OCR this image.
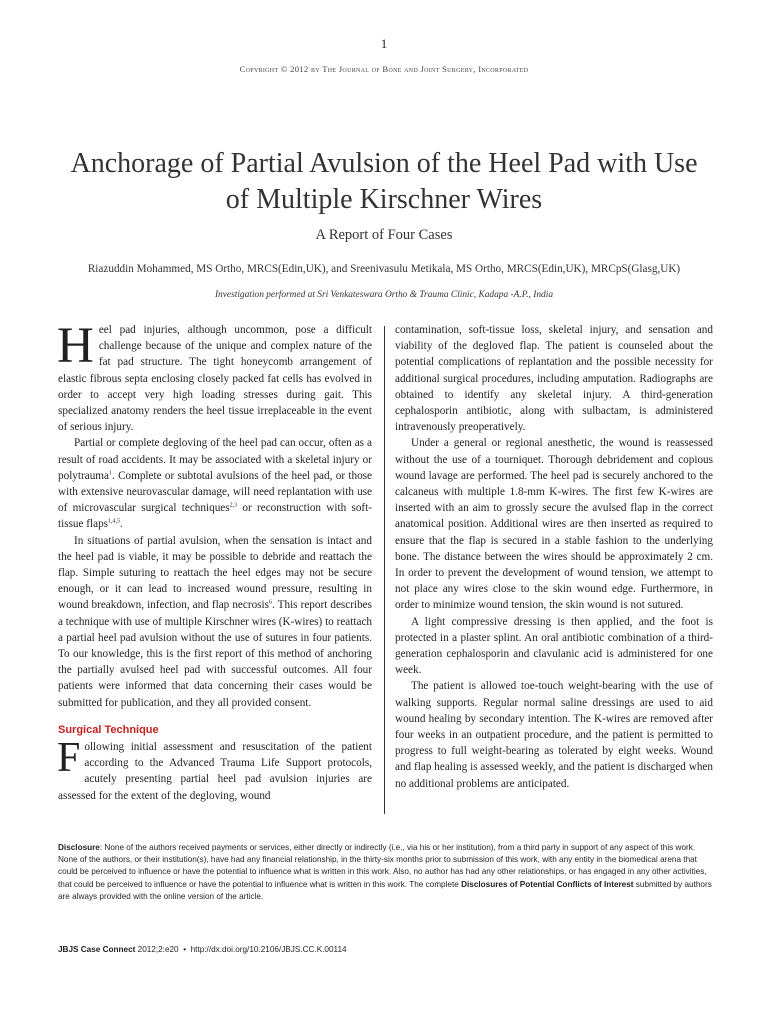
1
Copyright © 2012 by The Journal of Bone and Joint Surgery, Incorporated
Anchorage of Partial Avulsion of the Heel Pad with Use of Multiple Kirschner Wires
A Report of Four Cases
Riazuddin Mohammed, MS Ortho, MRCS(Edin,UK), and Sreenivasulu Metikala, MS Ortho, MRCS(Edin,UK), MRCpS(Glasg,UK)
Investigation performed at Sri Venkateswara Ortho & Trauma Clinic, Kadapa -A.P., India

Heel pad injuries, although uncommon, pose a difficult challenge because of the unique and complex nature of the fat pad structure. The tight honeycomb arrangement of elastic fibrous septa enclosing closely packed fat cells has evolved in order to accept very high loading stresses during gait. This specialized anatomy renders the heel tissue irreplaceable in the event of serious injury.

Partial or complete degloving of the heel pad can occur, often as a result of road accidents. It may be associated with a skeletal injury or polytrauma$^1$. Complete or subtotal avulsions of the heel pad, or those with extensive neurovascular damage, will need replantation with use of microvascular surgical techniques$^{2,3}$ or reconstruction with soft-tissue flaps$^{1,4,5}$.

In situations of partial avulsion, when the sensation is intact and the heel pad is viable, it may be possible to debride and reattach the flap. Simple suturing to reattach the heel edges may not be secure enough, or it can lead to increased wound pressure, resulting in wound breakdown, infection, and flap necrosis$^6$. This report describes a technique with use of multiple Kirschner wires (K-wires) to reattach a partial heel pad avulsion without the use of sutures in four patients. To our knowledge, this is the first report of this method of anchoring the partially avulsed heel pad with successful outcomes. All four patients were informed that data concerning their cases would be submitted for publication, and they all provided consent.

Surgical Technique

Following initial assessment and resuscitation of the patient according to the Advanced Trauma Life Support protocols, acutely presenting partial heel pad avulsion injuries are assessed for the extent of the degloving, wound

contamination, soft-tissue loss, skeletal injury, and sensation and viability of the degloved flap. The patient is counseled about the potential complications of replantation and the possible necessity for additional surgical procedures, including amputation. Radiographs are obtained to identify any skeletal injury. A third-generation cephalosporin antibiotic, along with sulbactam, is administered intravenously preoperatively.

Under a general or regional anesthetic, the wound is reassessed without the use of a tourniquet. Thorough debridement and copious wound lavage are performed. The heel pad is securely anchored to the calcaneus with multiple 1.8-mm K-wires. The first few K-wires are inserted with an aim to grossly secure the avulsed flap in the correct anatomical position. Additional wires are then inserted as required to ensure that the flap is secured in a stable fashion to the underlying bone. The distance between the wires should be approximately 2 cm. In order to prevent the development of wound tension, we attempt to not place any wires close to the skin wound edge. Furthermore, in order to minimize wound tension, the skin wound is not sutured.

A light compressive dressing is then applied, and the foot is protected in a plaster splint. An oral antibiotic combination of a third-generation cephalosporin and clavulanic acid is administered for one week.

The patient is allowed toe-touch weight-bearing with the use of walking supports. Regular normal saline dressings are used to aid wound healing by secondary intention. The K-wires are removed after four weeks in an outpatient procedure, and the patient is permitted to progress to full weight-bearing as tolerated by eight weeks. Wound and flap healing is assessed weekly, and the patient is discharged when no additional problems are anticipated.

Disclosure: None of the authors received payments or services, either directly or indirectly (i.e., via his or her institution), from a third party in support of any aspect of this work. None of the authors, or their institution(s), have had any financial relationship, in the thirty-six months prior to submission of this work, with any entity in the biomedical arena that could be perceived to influence or have the potential to influence what is written in this work. Also, no author has had any other relationships, or has engaged in any other activities, that could be perceived to influence or have the potential to influence what is written in this work. The complete Disclosures of Potential Conflicts of Interest submitted by authors are always provided with the online version of the article.
JBJS Case Connect 2012;2:e20 • http://dx.doi.org/10.2106/JBJS.CC.K.00114
